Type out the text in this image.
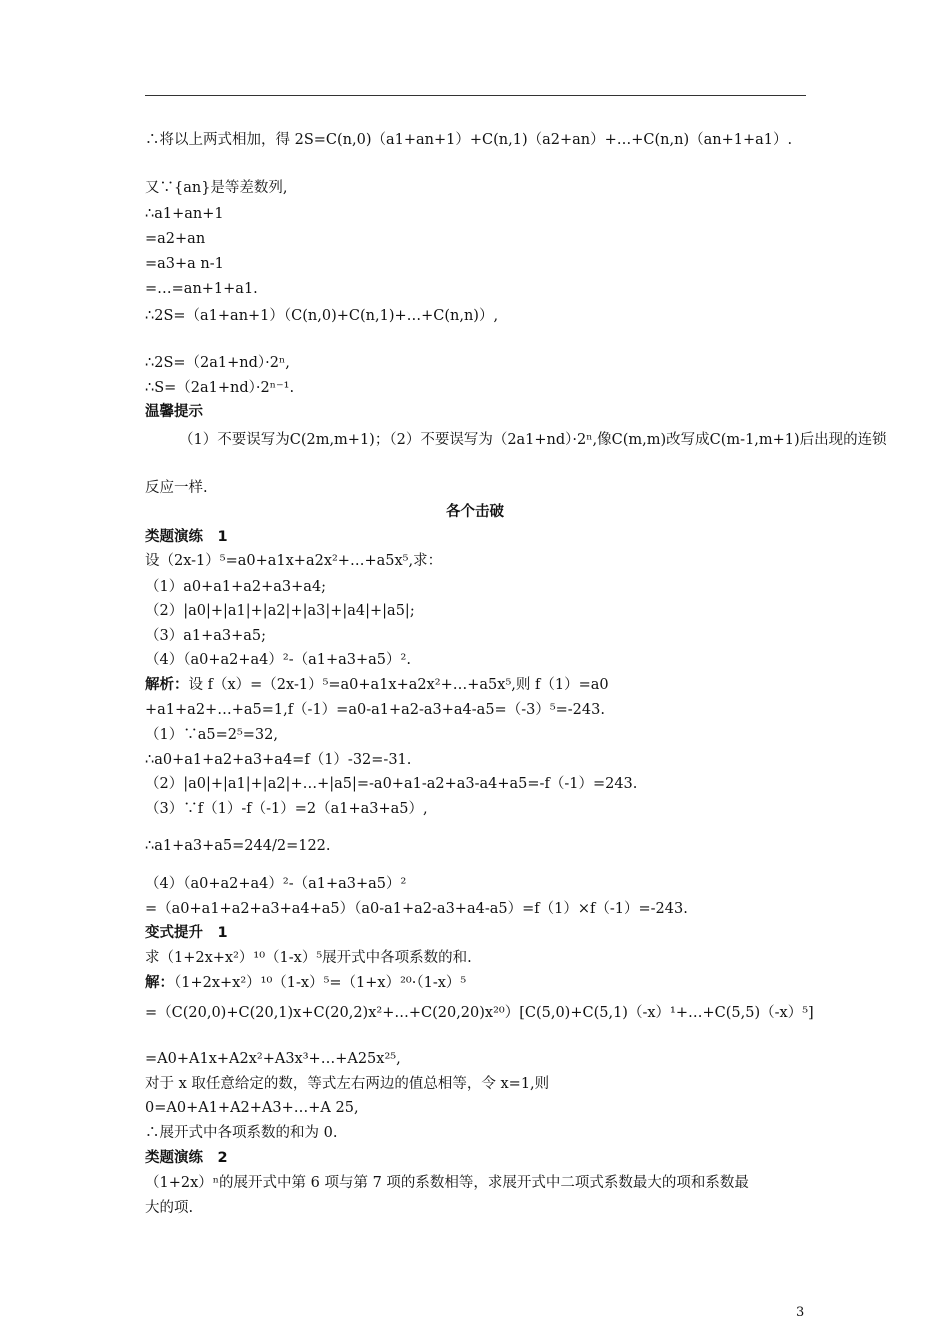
∴将以上两式相加，得 2S=C(n,0)（a1+an+1）+C(n,1)（a2+an）+…+C(n,n)（an+1+a1）.
又∵{an}是等差数列,
∴a1+an+1
=a2+an
=a3+a n-1
=…=an+1+a1.
∴2S=（a1+an+1）（C(n,0)+C(n,1)+…+C(n,n)）,
∴2S=（2a1+nd）·2ⁿ,
∴S=（2a1+nd）·2ⁿ⁻¹.
温馨提示
（1）不要误写为C(2m,m+1)；（2）不要误写为（2a1+nd）·2ⁿ,像C(m,m)改写成C(m-1,m+1)后出现的连锁
反应一样.
各个击破
类题演练　1
设（2x-1）⁵=a0+a1x+a2x²+…+a5x⁵,求：
（1）a0+a1+a2+a3+a4;
（2）|a0|+|a1|+|a2|+|a3|+|a4|+|a5|;
（3）a1+a3+a5;
（4）（a0+a2+a4）²-（a1+a3+a5）².
解析：设 f（x）=（2x-1）⁵=a0+a1x+a2x²+…+a5x⁵,则 f（1）=a0
+a1+a2+…+a5=1,f（-1）=a0-a1+a2-a3+a4-a5=（-3）⁵=-243.
（1）∵a5=2⁵=32,
∴a0+a1+a2+a3+a4=f（1）-32=-31.
（2）|a0|+|a1|+|a2|+…+|a5|=-a0+a1-a2+a3-a4+a5=-f（-1）=243.
（3）∵f（1）-f（-1）=2（a1+a3+a5）,
∴a1+a3+a5=244/2=122.
（4）（a0+a2+a4）²-（a1+a3+a5）²
=（a0+a1+a2+a3+a4+a5）（a0-a1+a2-a3+a4-a5）=f（1）×f（-1）=-243.
变式提升　1
求（1+2x+x²）¹⁰（1-x）⁵展开式中各项系数的和.
解：（1+2x+x²）¹⁰（1-x）⁵=（1+x）²⁰·（1-x）⁵
=（C(20,0)+C(20,1)x+C(20,2)x²+…+C(20,20)x²⁰）[C(5,0)+C(5,1)（-x）¹+…+C(5,5)（-x）⁵]
=A0+A1x+A2x²+A3x³+…+A25x²⁵,
对于 x 取任意给定的数，等式左右两边的值总相等，令 x=1,则
0=A0+A1+A2+A3+…+A 25,
∴展开式中各项系数的和为 0.
类题演练　2
（1+2x）ⁿ的展开式中第 6 项与第 7 项的系数相等，求展开式中二项式系数最大的项和系数最
大的项.
3
